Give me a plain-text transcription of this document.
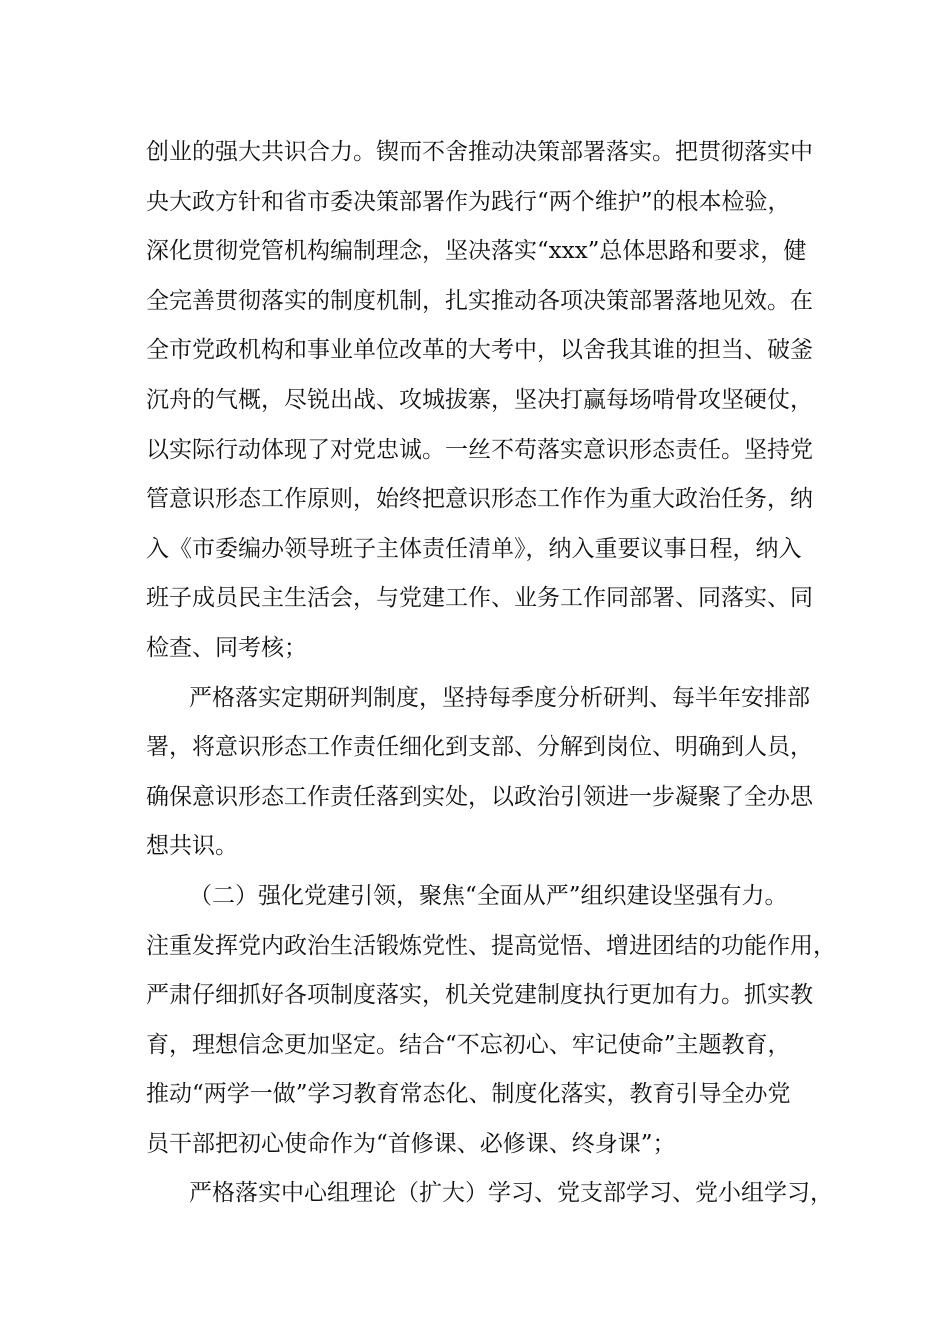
创业的强大共识合力。锲而不舍推动决策部署落实。把贯彻落实中
央大政方针和省市委决策部署作为践行“两个维护”的根本检验，
深化贯彻党管机构编制理念，坚决落实“xxx”总体思路和要求，健
全完善贯彻落实的制度机制，扎实推动各项决策部署落地见效。在
全市党政机构和事业单位改革的大考中，以舍我其谁的担当、破釜
沉舟的气概，尽锐出战、攻城拔寨，坚决打赢每场啃骨攻坚硬仗，
以实际行动体现了对党忠诚。一丝不苟落实意识形态责任。坚持党
管意识形态工作原则，始终把意识形态工作作为重大政治任务，纳
入《市委编办领导班子主体责任清单》，纳入重要议事日程，纳入
班子成员民主生活会，与党建工作、业务工作同部署、同落实、同
检查、同考核；
严格落实定期研判制度，坚持每季度分析研判、每半年安排部
署，将意识形态工作责任细化到支部、分解到岗位、明确到人员，
确保意识形态工作责任落到实处，以政治引领进一步凝聚了全办思
想共识。
（二）强化党建引领，聚焦“全面从严”组织建设坚强有力。
注重发挥党内政治生活锻炼党性、提高觉悟、增进团结的功能作用，
严肃仔细抓好各项制度落实，机关党建制度执行更加有力。抓实教
育，理想信念更加坚定。结合“不忘初心、牢记使命”主题教育，
推动“两学一做”学习教育常态化、制度化落实，教育引导全办党
员干部把初心使命作为“首修课、必修课、终身课”；
严格落实中心组理论（扩大）学习、党支部学习、党小组学习，
